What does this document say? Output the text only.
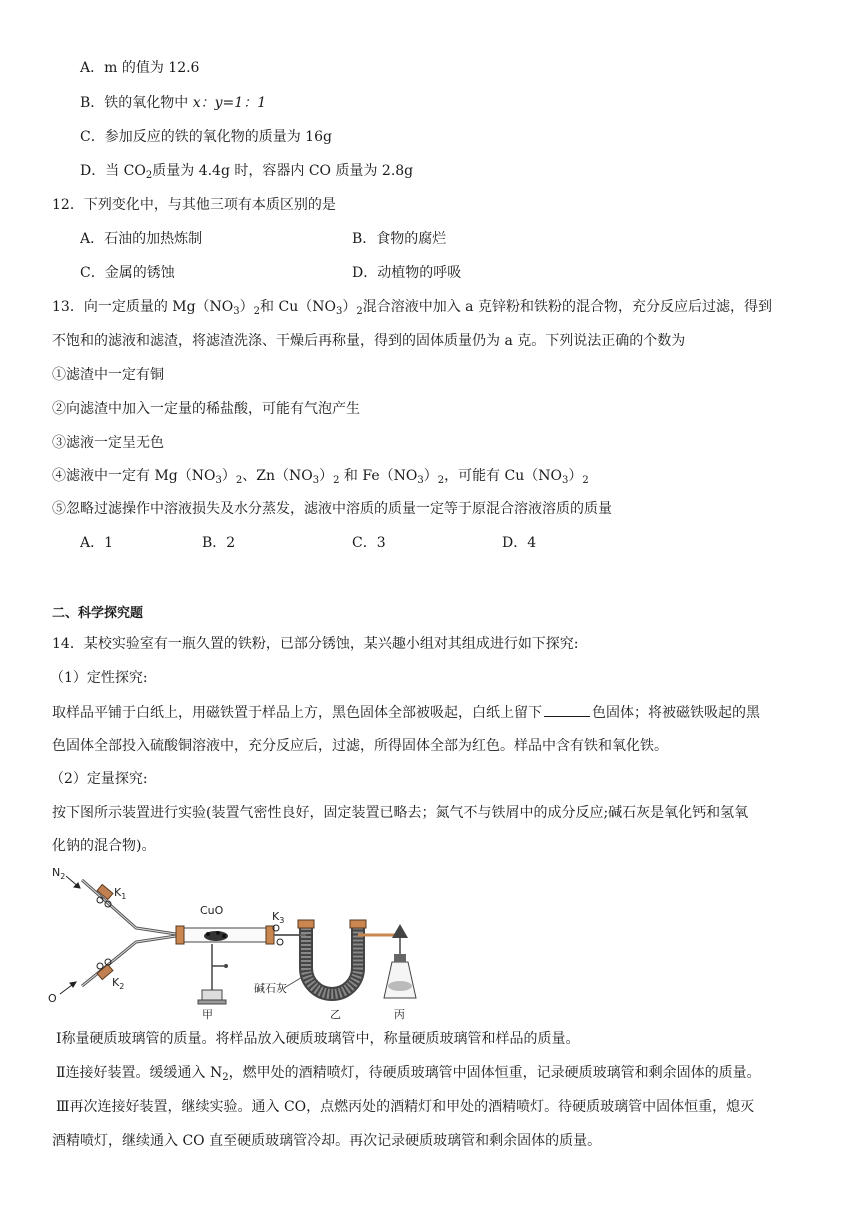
A．m 的值为 12.6
B．铁的氧化物中 x：y=1：1
C．参加反应的铁的氧化物的质量为 16g
D．当 $CO_2$质量为 4.4g 时，容器内 CO 质量为 2.8g
12．下列变化中，与其他三项有本质区别的是
A．石油的加热炼制	B．食物的腐烂
C．金属的锈蚀	D．动植物的呼吸
13．向一定质量的 $Mg(NO_3)_2$和 $Cu(NO_3)_2$混合溶液中加入 a 克锌粉和铁粉的混合物，充分反应后过滤，得到
不饱和的滤液和滤渣，将滤渣洗涤、干燥后再称量，得到的固体质量仍为 a 克。下列说法正确的个数为
①滤渣中一定有铜
②向滤渣中加入一定量的稀盐酸，可能有气泡产生
③滤液一定呈无色
④滤液中一定有 $Mg(NO_3)_2$、$Zn(NO_3)_2$ 和 $Fe(NO_3)_2$，可能有 $Cu(NO_3)_2$
⑤忽略过滤操作中溶液损失及水分蒸发，滤液中溶质的质量一定等于原混合溶液溶质的质量
A．1	B．2	C．3	D．4
二、科学探究题
14．某校实验室有一瓶久置的铁粉，已部分锈蚀，某兴趣小组对其组成进行如下探究:
（1）定性探究:
取样品平铺于白纸上，用磁铁置于样品上方，黑色固体全部被吸起，白纸上留下	色固体；将被磁铁吸起的黑
色固体全部投入硫酸铜溶液中，充分反应后，过滤，所得固体全部为红色。样品中含有铁和氧化铁。
（2）定量探究:
按下图所示装置进行实验(装置气密性良好，固定装置已略去；氮气不与铁屑中的成分反应;碱石灰是氧化钙和氢氧
化钠的混合物)。
$N_2$
O
$K_1$
$K_2$
$K_3$
CuO
碱石灰
甲	乙	丙
Ⅰ称量硬质玻璃管的质量。将样品放入硬质玻璃管中，称量硬质玻璃管和样品的质量。
Ⅱ连接好装置。缓缓通入 $N_2$，燃甲处的酒精喷灯，待硬质玻璃管中固体恒重，记录硬质玻璃管和剩余固体的质量。
Ⅲ再次连接好装置，继续实验。通入 CO，点燃丙处的酒精灯和甲处的酒精喷灯。待硬质玻璃管中固体恒重，熄灭
酒精喷灯，继续通入 CO 直至硬质玻璃管冷却。再次记录硬质玻璃管和剩余固体的质量。
